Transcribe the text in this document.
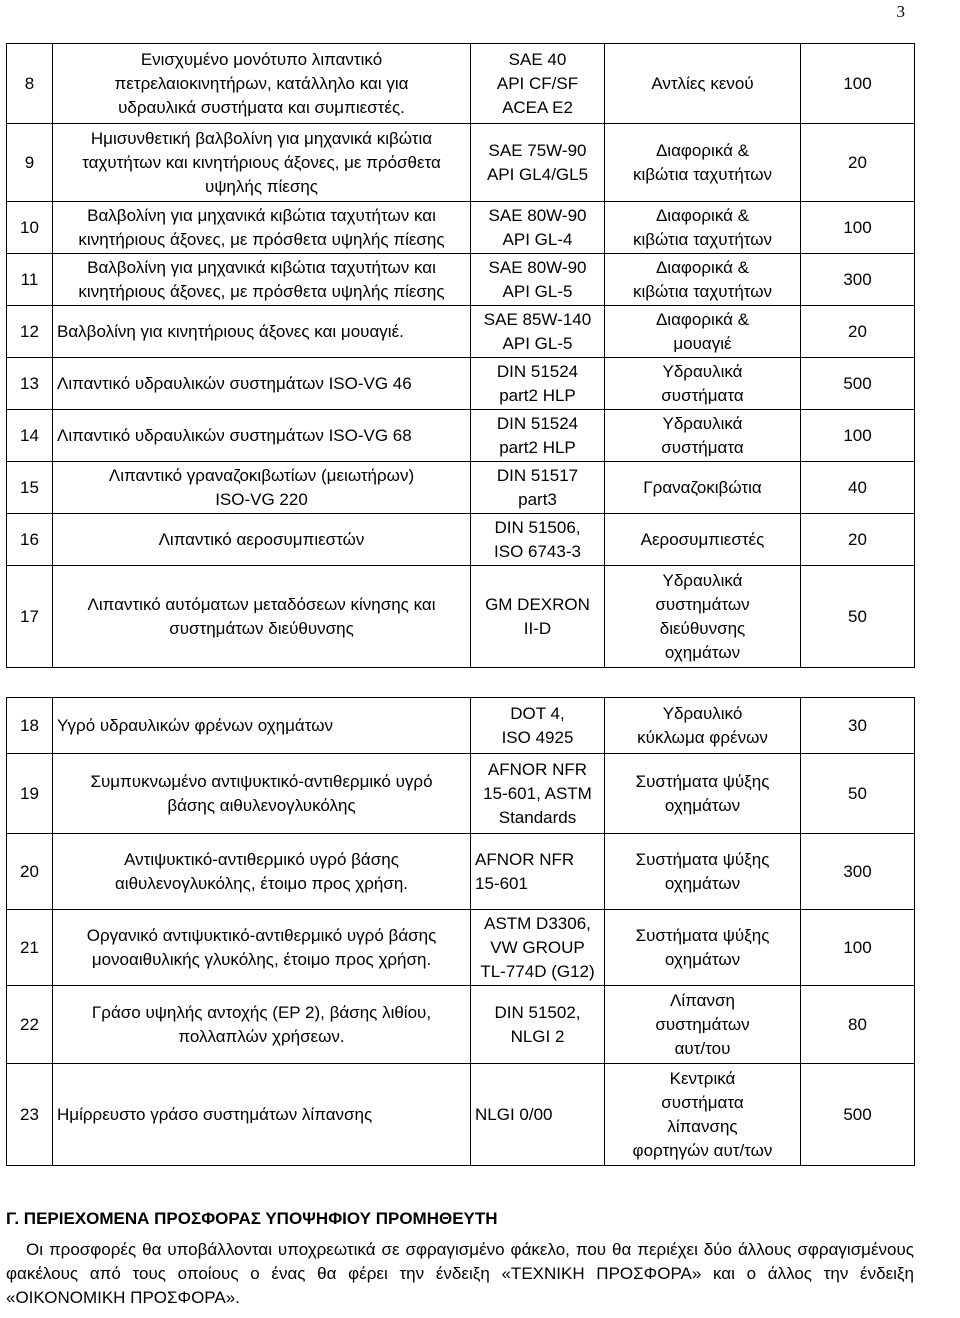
3
8	Ενισχυμένο μονότυπο λιπαντικό
πετρελαιοκινητήρων, κατάλληλο και για
υδραυλικά συστήματα και συμπιεστές.	SAE 40
API CF/SF
ACEA E2	Αντλίες κενού	100
9	Ημισυνθετική βαλβολίνη για μηχανικά κιβώτια
ταχυτήτων και κινητήριους άξονες, με πρόσθετα
υψηλής πίεσης	SAE 75W-90
API GL4/GL5	Διαφορικά &
κιβώτια ταχυτήτων	20
10	Βαλβολίνη για μηχανικά κιβώτια ταχυτήτων και
κινητήριους άξονες, με πρόσθετα υψηλής πίεσης	SAE 80W-90
API GL-4	Διαφορικά &
κιβώτια ταχυτήτων	100
11	Βαλβολίνη για μηχανικά κιβώτια ταχυτήτων και
κινητήριους άξονες, με πρόσθετα υψηλής πίεσης	SAE 80W-90
API GL-5	Διαφορικά &
κιβώτια ταχυτήτων	300
12	Βαλβολίνη για κινητήριους άξονες και μουαγιέ.	SAE 85W-140
API GL-5	Διαφορικά &
μουαγιέ	20
13	Λιπαντικό υδραυλικών συστημάτων ISO-VG 46	DIN 51524
part2 HLP	Υδραυλικά
συστήματα	500
14	Λιπαντικό υδραυλικών συστημάτων ISO-VG 68	DIN 51524
part2 HLP	Υδραυλικά
συστήματα	100
15	Λιπαντικό γραναζοκιβωτίων (μειωτήρων)
ISO-VG 220	DIN 51517
part3	Γραναζοκιβώτια	40
16	Λιπαντικό αεροσυμπιεστών	DIN 51506,
ISO 6743-3	Αεροσυμπιεστές	20
17	Λιπαντικό αυτόματων μεταδόσεων κίνησης και
συστημάτων διεύθυνσης	GM DEXRON
II-D	Υδραυλικά
συστημάτων
διεύθυνσης
οχημάτων	50
18	Υγρό υδραυλικών φρένων οχημάτων	DOT 4,
ISO 4925	Υδραυλικό
κύκλωμα φρένων	30
19	Συμπυκνωμένο αντιψυκτικό-αντιθερμικό υγρό
βάσης αιθυλενογλυκόλης	AFNOR NFR
15-601, ASTM
Standards	Συστήματα ψύξης
οχημάτων	50
20	Αντιψυκτικό-αντιθερμικό υγρό βάσης
αιθυλενογλυκόλης, έτοιμο προς χρήση.	AFNOR NFR
15-601	Συστήματα ψύξης
οχημάτων	300
21	Οργανικό αντιψυκτικό-αντιθερμικό υγρό βάσης
μονοαιθυλικής γλυκόλης, έτοιμο προς χρήση.	ASTM D3306,
VW GROUP
TL-774D (G12)	Συστήματα ψύξης
οχημάτων	100
22	Γράσο υψηλής αντοχής (EP 2), βάσης λιθίου,
πολλαπλών χρήσεων.	DIN 51502,
NLGI 2	Λίπανση
συστημάτων
αυτ/του	80
23	Ημίρρευστο γράσο συστημάτων λίπανσης	NLGI 0/00	Κεντρικά
συστήματα
λίπανσης
φορτηγών αυτ/των	500
Γ. ΠΕΡΙΕΧΟΜΕΝΑ ΠΡΟΣΦΟΡΑΣ ΥΠΟΨΗΦΙΟΥ ΠΡΟΜΗΘΕΥΤΗ
Οι προσφορές θα υποβάλλονται υποχρεωτικά σε σφραγισμένο φάκελο, που θα περιέχει δύο άλλους σφραγισμένους φακέλους από τους οποίους ο ένας θα φέρει την ένδειξη «ΤΕΧΝΙΚΗ ΠΡΟΣΦΟΡΑ» και ο άλλος την ένδειξη «ΟΙΚΟΝΟΜΙΚΗ ΠΡΟΣΦΟΡΑ».
